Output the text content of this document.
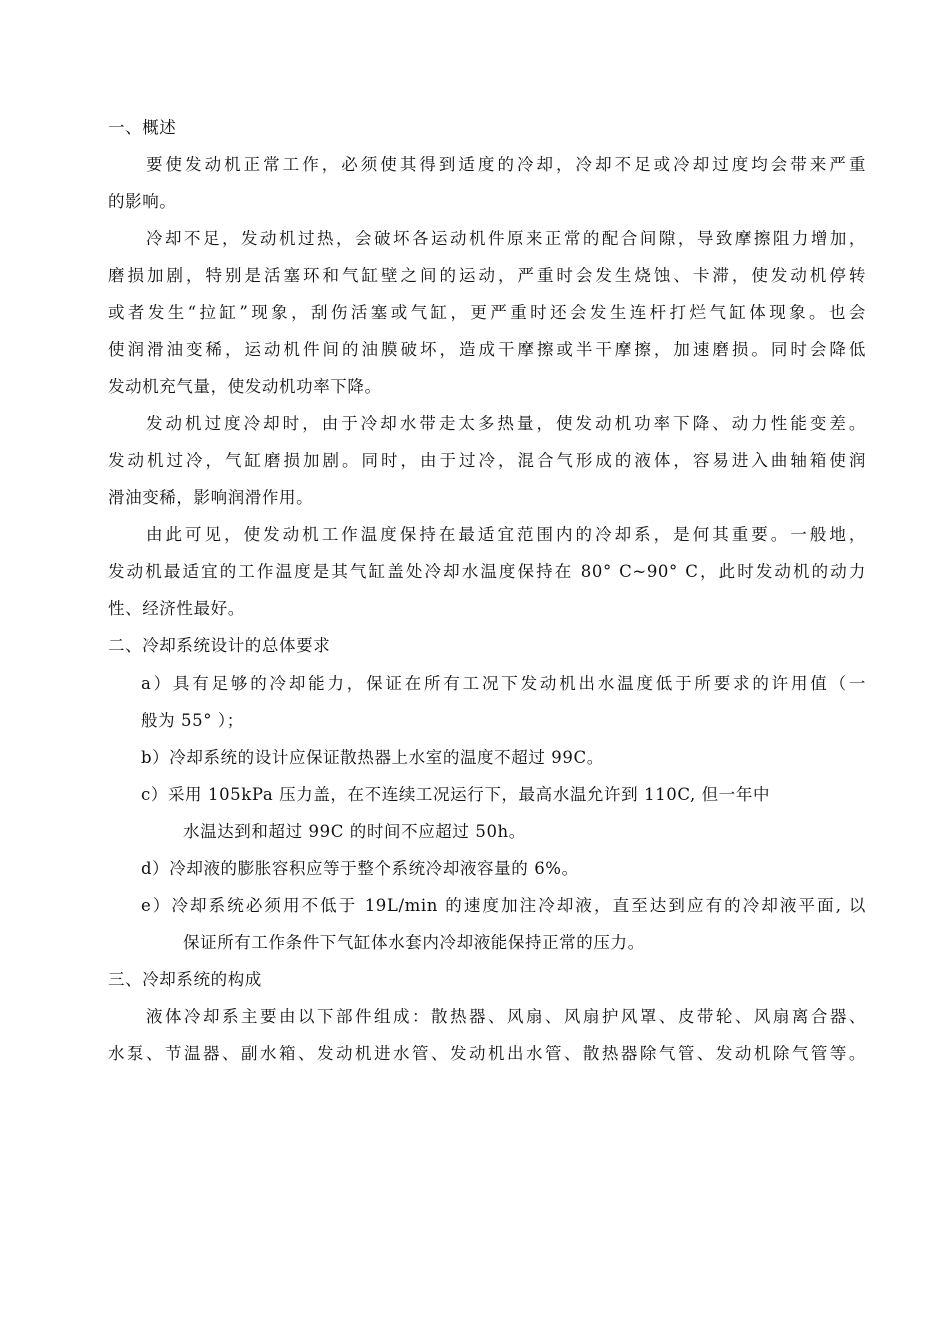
一、概述
要使发动机正常工作，必须使其得到适度的冷却，冷却不足或冷却过度均会带来严重
的影响。
冷却不足，发动机过热，会破坏各运动机件原来正常的配合间隙，导致摩擦阻力增加，
磨损加剧，特别是活塞环和气缸壁之间的运动，严重时会发生烧蚀、卡滞，使发动机停转
或者发生“拉缸”现象，刮伤活塞或气缸，更严重时还会发生连杆打烂气缸体现象。也会
使润滑油变稀，运动机件间的油膜破坏，造成干摩擦或半干摩擦，加速磨损。同时会降低
发动机充气量，使发动机功率下降。
发动机过度冷却时，由于冷却水带走太多热量，使发动机功率下降、动力性能变差。
发动机过冷，气缸磨损加剧。同时，由于过冷，混合气形成的液体，容易进入曲轴箱使润
滑油变稀，影响润滑作用。
由此可见，使发动机工作温度保持在最适宜范围内的冷却系，是何其重要。一般地，
发动机最适宜的工作温度是其气缸盖处冷却水温度保持在 80° C~90° C，此时发动机的动力
性、经济性最好。
二、冷却系统设计的总体要求
a）具有足够的冷却能力，保证在所有工况下发动机出水温度低于所要求的许用值（一
般为 55° ）；
b）冷却系统的设计应保证散热器上水室的温度不超过 99C。
c）采用 105kPa 压力盖，在不连续工况运行下，最高水温允许到 110C, 但一年中
水温达到和超过 99C 的时间不应超过 50h。
d）冷却液的膨胀容积应等于整个系统冷却液容量的 6%。
e）冷却系统必须用不低于 19L/min 的速度加注冷却液，直至达到应有的冷却液平面, 以
保证所有工作条件下气缸体水套内冷却液能保持正常的压力。
三、冷却系统的构成
液体冷却系主要由以下部件组成：散热器、风扇、风扇护风罩、皮带轮、风扇离合器、
水泵、节温器、副水箱、发动机进水管、发动机出水管、散热器除气管、发动机除气管等。
